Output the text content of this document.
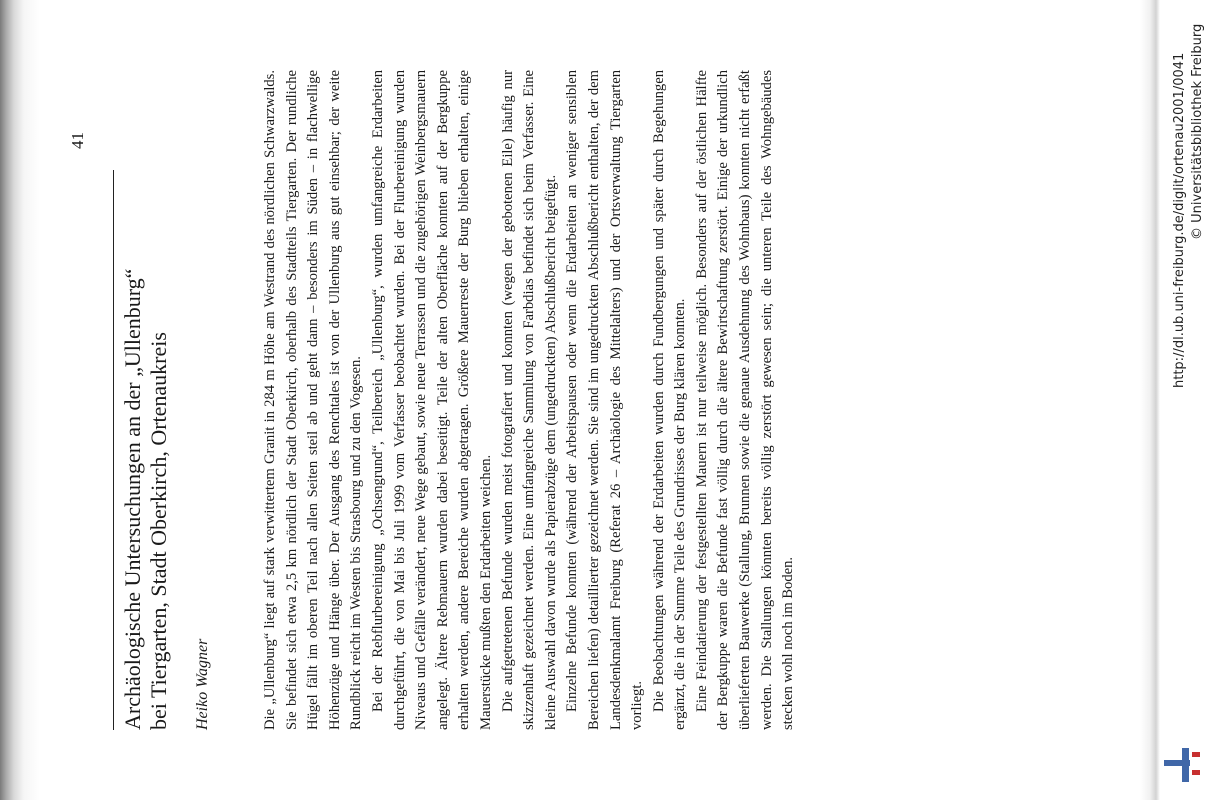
41
Archäologische Untersuchungen an der „Ullenburg“ bei Tiergarten, Stadt Oberkirch, Ortenaukreis Heiko Wagner	Die „Ullenburg“ liegt auf stark verwittertem Granit in 284 m Höhe am Westrand des nördlichen Schwarzwalds. Sie befindet sich etwa 2,5 km nördlich der Stadt Oberkirch, oberhalb des Stadtteils Tiergarten. Der rundliche Hügel fällt im oberen Teil nach allen Seiten steil ab und geht dann – besonders im Süden – in flachwellige Höhenzüge und Hänge über. Der Ausgang des Renchtales ist von der Ullenburg aus gut einsehbar; der weite Rundblick reicht im Westen bis Strasbourg und zu den Vogesen. Bei der Rebflurbereinigung „Ochsengrund“, Teilbereich „Ullenburg“, wurden umfangreiche Erdarbeiten durchgeführt, die von Mai bis Juli 1999 vom Verfasser beobachtet wurden. Bei der Flurbereinigung wurden Niveaus und Gefälle verändert, neue Wege gebaut, sowie neue Terrassen und die zugehörigen Weinbergsmauern angelegt. Ältere Rebmauern wurden dabei beseitigt. Teile der alten Oberfläche konnten auf der Bergkuppe erhalten werden, andere Bereiche wurden abgetragen. Größere Mauerreste der Burg blieben erhalten, einige Mauerstücke mußten den Erdarbeiten weichen. Die aufgetretenen Befunde wurden meist fotografiert und konnten (wegen der gebotenen Eile) häufig nur skizzenhaft gezeichnet werden. Eine umfangreiche Sammlung von Farbdias befindet sich beim Verfasser. Eine kleine Auswahl davon wurde als Papierabzüge dem (ungedruckten) Abschlußbericht beigefügt. Einzelne Befunde konnten (während der Arbeitspausen oder wenn die Erdarbeiten an weniger sensiblen Bereichen liefen) detaillierter gezeichnet werden. Sie sind im ungedruckten Abschlußbericht enthalten, der dem Landesdenkmalamt Freiburg (Referat 26 – Archäologie des Mittelalters) und der Ortsverwaltung Tiergarten vorliegt. Die Beobachtungen während der Erdarbeiten wurden durch Fundbergungen und später durch Begehungen ergänzt, die in der Summe Teile des Grundrisses der Burg klären konnten. Eine Feindatierung der festgestellten Mauern ist nur teilweise möglich. Besonders auf der östlichen Hälfte der Bergkuppe waren die Befunde fast völlig durch die ältere Bewirtschaftung zerstört. Einige der urkundlich überlieferten Bauwerke (Stallung, Brunnen sowie die genaue Ausdehnung des Wohnbaus) konnten nicht erfaßt werden. Die Stallungen könnten bereits völlig zerstört gewesen sein; die unteren Teile des Wohngebäudes stecken wohl noch im Boden.

http://dl.ub.uni-freiburg.de/diglit/ortenau2001/0041 © Universitätsbibliothek Freiburg
